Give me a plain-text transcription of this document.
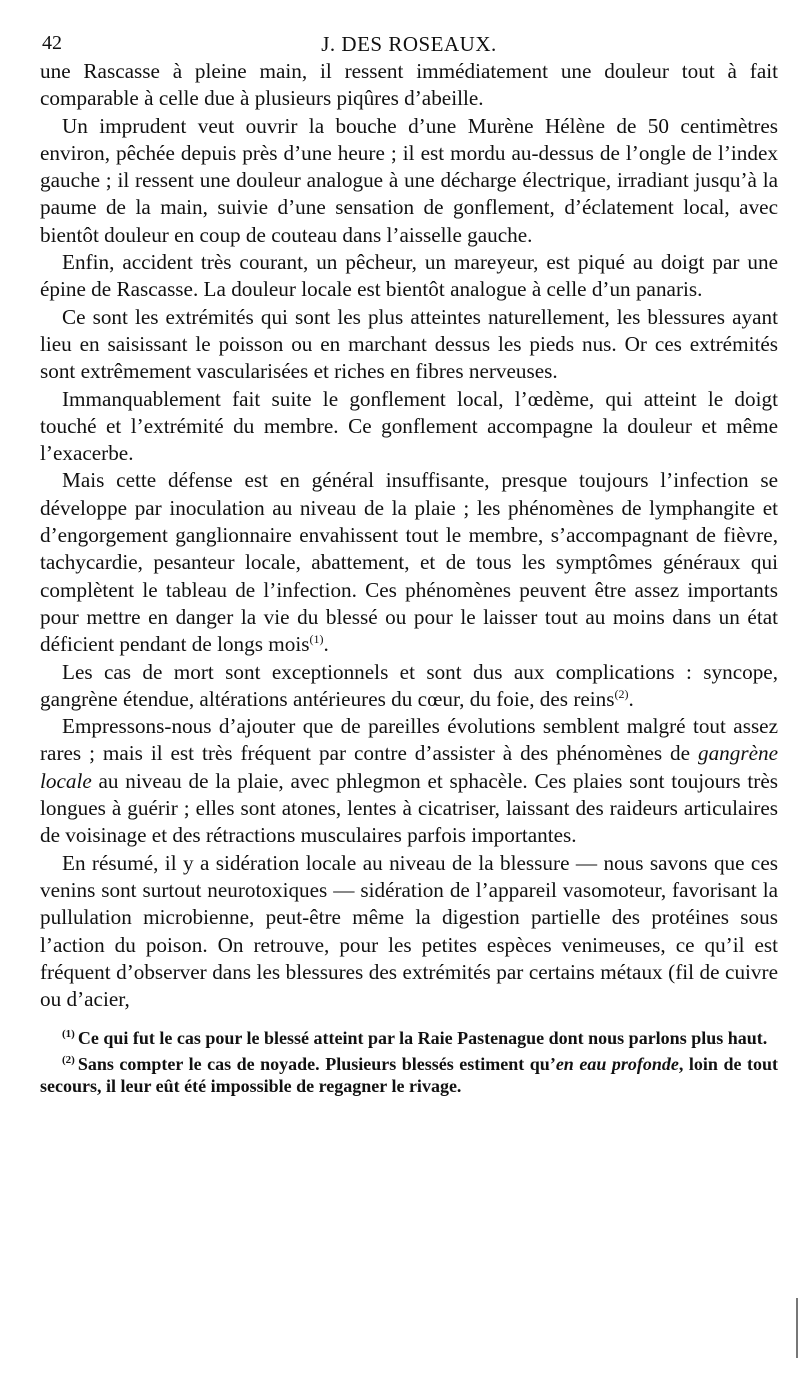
42	J. DES ROSEAUX.

une Rascasse à pleine main, il ressent immédiatement une douleur tout à fait comparable à celle due à plusieurs piqûres d’abeille.

Un imprudent veut ouvrir la bouche d’une Murène Hélène de 50 centimètres environ, pêchée depuis près d’une heure ; il est mordu au-dessus de l’ongle de l’index gauche ; il ressent une douleur analogue à une décharge électrique, irradiant jusqu’à la paume de la main, suivie d’une sensation de gonflement, d’éclatement local, avec bientôt douleur en coup de couteau dans l’aisselle gauche.

Enfin, accident très courant, un pêcheur, un mareyeur, est piqué au doigt par une épine de Rascasse. La douleur locale est bientôt analogue à celle d’un panaris.

Ce sont les extrémités qui sont les plus atteintes naturellement, les blessures ayant lieu en saisissant le poisson ou en marchant dessus les pieds nus. Or ces extrémités sont extrêmement vascularisées et riches en fibres nerveuses.

Immanquablement fait suite le gonflement local, l’œdème, qui atteint le doigt touché et l’extrémité du membre. Ce gonflement accompagne la douleur et même l’exacerbe.

Mais cette défense est en général insuffisante, presque toujours l’infection se développe par inoculation au niveau de la plaie ; les phénomènes de lymphangite et d’engorgement ganglionnaire envahissent tout le membre, s’accompagnant de fièvre, tachycardie, pesanteur locale, abattement, et de tous les symptômes généraux qui complètent le tableau de l’infection. Ces phénomènes peuvent être assez importants pour mettre en danger la vie du blessé ou pour le laisser tout au moins dans un état déficient pendant de longs mois$^{(1)}$.

Les cas de mort sont exceptionnels et sont dus aux complications : syncope, gangrène étendue, altérations antérieures du cœur, du foie, des reins$^{(2)}$.

Empressons-nous d’ajouter que de pareilles évolutions semblent malgré tout assez rares ; mais il est très fréquent par contre d’assister à des phénomènes de gangrène locale au niveau de la plaie, avec phlegmon et sphacèle. Ces plaies sont toujours très longues à guérir ; elles sont atones, lentes à cicatriser, laissant des raideurs articulaires de voisinage et des rétractions musculaires parfois importantes.

En résumé, il y a sidération locale au niveau de la blessure — nous savons que ces venins sont surtout neurotoxiques — sidération de l’appareil vasomoteur, favorisant la pullulation microbienne, peut-être même la digestion partielle des protéines sous l’action du poison. On retrouve, pour les petites espèces venimeuses, ce qu’il est fréquent d’observer dans les blessures des extrémités par certains métaux (fil de cuivre ou d’acier,

$^{(1)}$ Ce qui fut le cas pour le blessé atteint par la Raie Pastenague dont nous parlons plus haut.

$^{(2)}$ Sans compter le cas de noyade. Plusieurs blessés estiment qu’en eau profonde, loin de tout secours, il leur eût été impossible de regagner le rivage.
